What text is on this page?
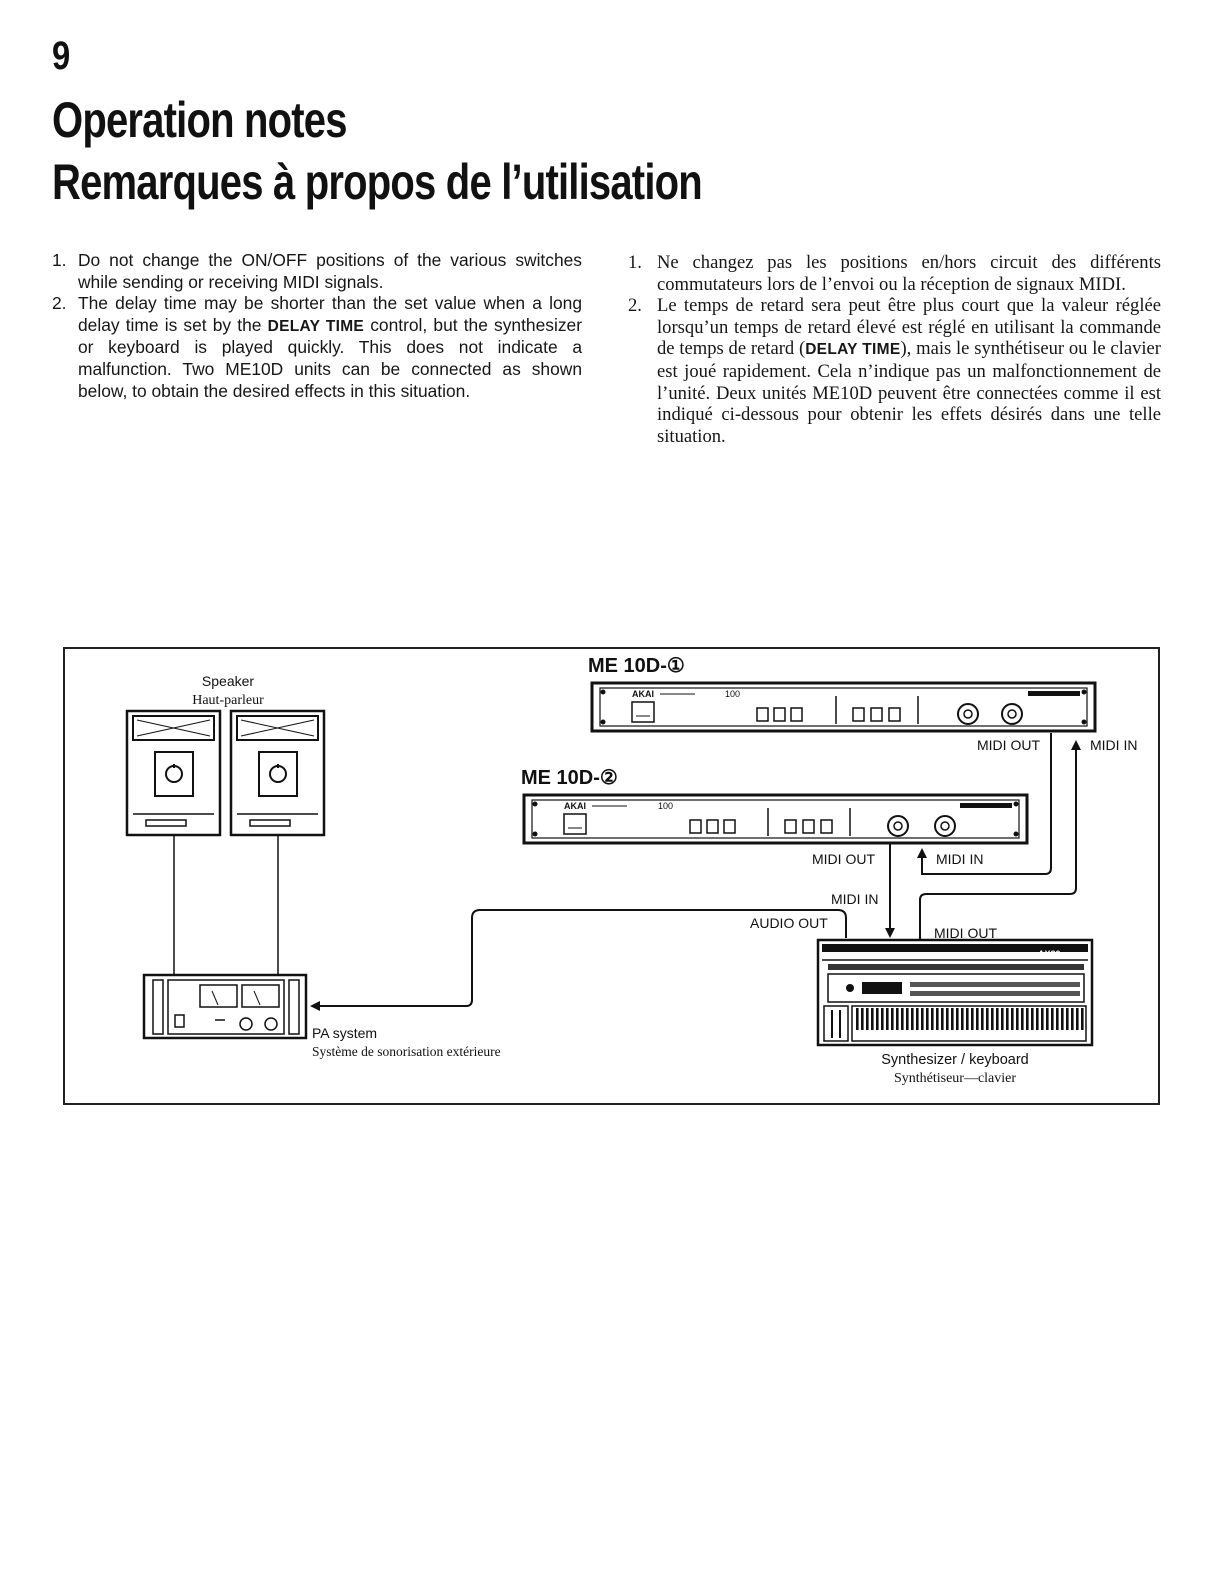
9
Operation notes
Remarques à propos de l’utilisation
1. Do not change the ON/OFF positions of the various switches while sending or receiving MIDI signals.
2. The delay time may be shorter than the set value when a long delay time is set by the DELAY TIME control, but the synthesizer or keyboard is played quickly. This does not indicate a malfunction. Two ME10D units can be connected as shown below, to obtain the desired effects in this situation.
1. Ne changez pas les positions en/hors circuit des différents commutateurs lors de l’envoi ou la réception de signaux MIDI.
2. Le temps de retard sera peut être plus court que la valeur réglée lorsqu’un temps de retard élevé est réglé en utilisant la commande de temps de retard (DELAY TIME), mais le synthétiseur ou le clavier est joué rapidement. Cela n’indique pas un malfonctionnement de l’unité. Deux unités ME10D peuvent être connectées comme il est indiqué ci-dessous pour obtenir les effets désirés dans une telle situation.
ME 10D-①
AKAI	100
ME 10D-②
AKAI	100
Speaker
Haut-parleur
PA system
Système de sonorisation extérieure
AX80
Synthesizer / keyboard
Synthétiseur—clavier
MIDI OUT	MIDI IN
MIDI OUT	MIDI IN
MIDI IN
AUDIO OUT
MIDI OUT
